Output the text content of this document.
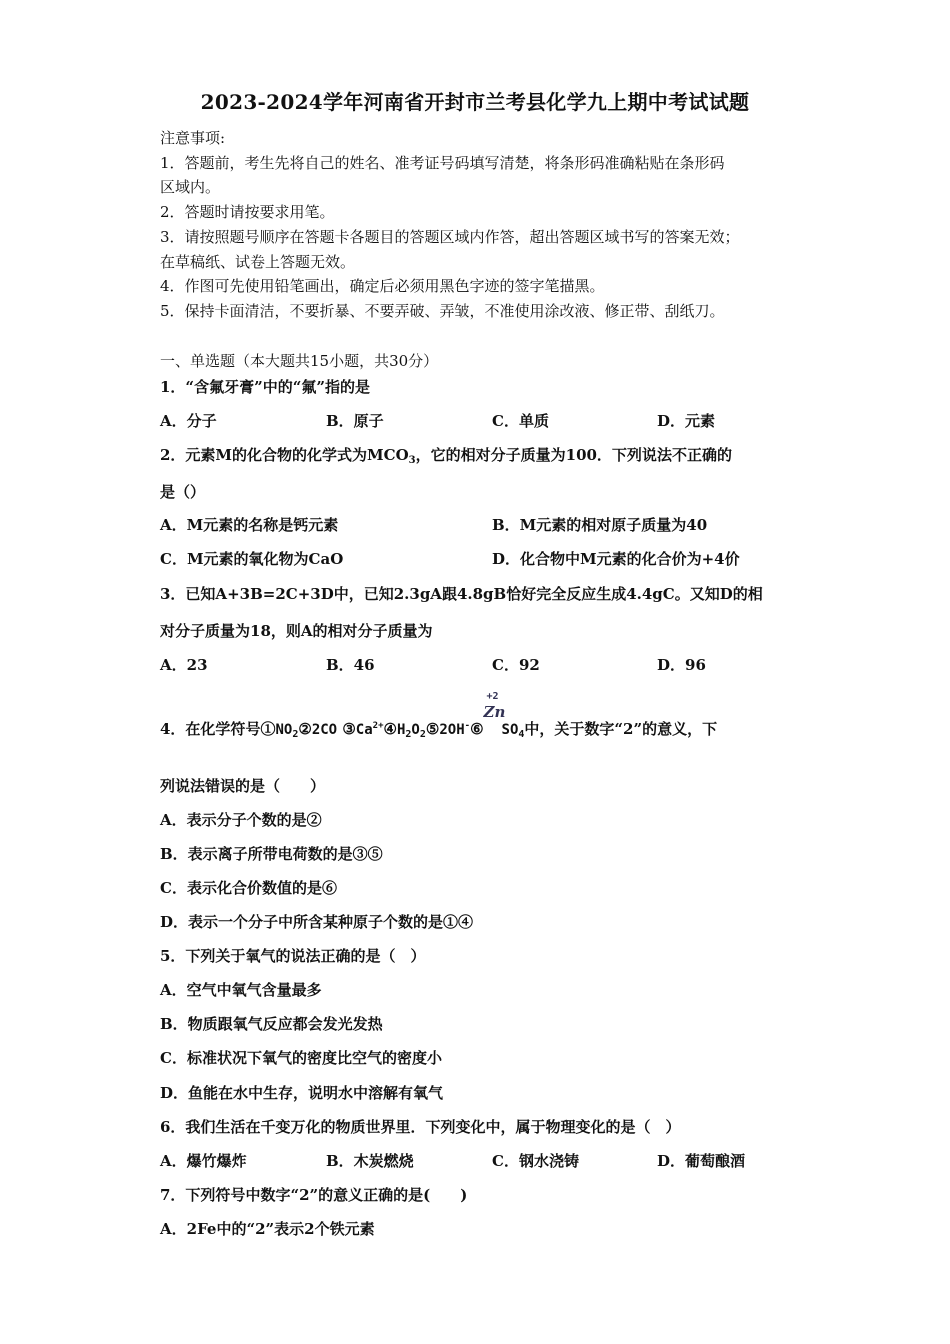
2023-2024学年河南省开封市兰考县化学九上期中考试试题
注意事项:
1．答题前，考生先将自己的姓名、准考证号码填写清楚，将条形码准确粘贴在条形码
区域内。
2．答题时请按要求用笔。
3．请按照题号顺序在答题卡各题目的答题区域内作答，超出答题区域书写的答案无效；
在草稿纸、试卷上答题无效。
4．作图可先使用铅笔画出，确定后必须用黑色字迹的签字笔描黑。
5．保持卡面清洁，不要折暴、不要弄破、弄皱，不准使用涂改液、修正带、刮纸刀。
一、单选题（本大题共15小题，共30分）
1．“含氟牙膏”中的“氟”指的是
A．分子	B．原子	C．单质	D．元素
2．元素M的化合物的化学式为$MCO_3$，它的相对分子质量为100．下列说法不正确的
是（）
A．M元素的名称是钙元素	B．M元素的相对原子质量为40
C．M元素的氧化物为CaO	D．化合物中M元素的化合价为+4价
3．已知A+3B=2C+3D中，已知2.3gA跟4.8gB恰好完全反应生成4.4gC。又知D的相
对分子质量为18，则A的相对分子质量为
A．23	B．46	C．92	D．96
4．在化学符号$①NO_2②2CO$ $③Ca^{2+}④H_2O_2⑤2OH^-⑥$
+2
Zn
$SO_4$中，关于数字“2”的意义，下
列说法错误的是（　　）
A．表示分子个数的是②
B．表示离子所带电荷数的是③⑤
C．表示化合价数值的是⑥
D．表示一个分子中所含某种原子个数的是①④
5．下列关于氧气的说法正确的是（　）
A．空气中氧气含量最多
B．物质跟氧气反应都会发光发热
C．标准状况下氧气的密度比空气的密度小
D．鱼能在水中生存，说明水中溶解有氧气
6．我们生活在千变万化的物质世界里．下列变化中，属于物理变化的是（　）
A．爆竹爆炸	B．木炭燃烧	C．钢水浇铸	D．葡萄酿酒
7．下列符号中数字“2”的意义正确的是(　　)
A．2Fe中的“2”表示2个铁元素
